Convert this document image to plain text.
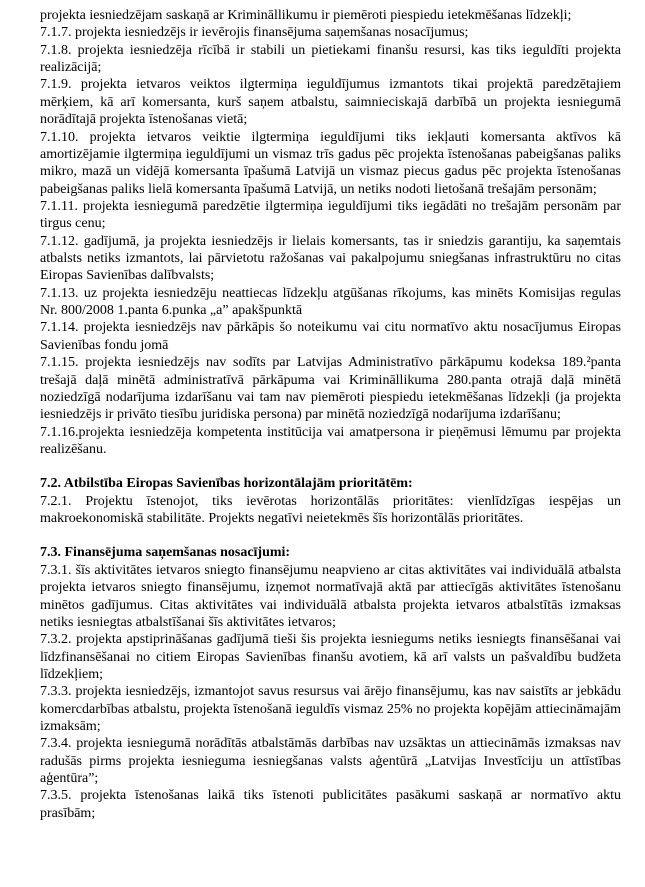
projekta iesniedzējam saskaņā ar Krimināllikumu ir piemēroti piespiedu ietekmēšanas līdzekļi;

7.1.7. projekta iesniedzējs ir ievērojis finansējuma saņemšanas nosacījumus;

7.1.8. projekta iesniedzēja rīcībā ir stabili un pietiekami finanšu resursi, kas tiks ieguldīti projekta realizācijā;

7.1.9. projekta ietvaros veiktos ilgtermiņa ieguldījumus izmantots tikai projektā paredzētajiem mērķiem, kā arī komersanta, kurš saņem atbalstu, saimnieciskajā darbībā un projekta iesniegumā norādītajā projekta īstenošanas vietā;

7.1.10. projekta ietvaros veiktie ilgtermiņa ieguldījumi tiks iekļauti komersanta aktīvos kā amortizējamie ilgtermiņa ieguldījumi un vismaz trīs gadus pēc projekta īstenošanas pabeigšanas paliks mikro, mazā un vidējā komersanta īpašumā Latvijā un vismaz piecus gadus pēc projekta īstenošanas pabeigšanas paliks lielā komersanta īpašumā Latvijā, un netiks nodoti lietošanā trešajām personām;

7.1.11. projekta iesniegumā paredzētie ilgtermiņa ieguldījumi tiks iegādāti no trešajām personām par tirgus cenu;

7.1.12. gadījumā, ja projekta iesniedzējs ir lielais komersants, tas ir sniedzis garantiju, ka saņemtais atbalsts netiks izmantots, lai pārvietotu ražošanas vai pakalpojumu sniegšanas infrastruktūru no citas Eiropas Savienības dalībvalsts;

7.1.13. uz projekta iesniedzēju neattiecas līdzekļu atgūšanas rīkojums, kas minēts Komisijas regulas Nr. 800/2008 1.panta 6.punka „a” apakšpunktā

7.1.14. projekta iesniedzējs nav pārkāpis šo noteikumu vai citu normatīvo aktu nosacījumus Eiropas Savienības fondu jomā

7.1.15. projekta iesniedzējs nav sodīts par Latvijas Administratīvo pārkāpumu kodeksa 189.²panta trešajā daļā minētā administratīvā pārkāpuma vai Krimināllikuma 280.panta otrajā daļā minētā noziedzīgā nodarījuma izdarīšanu vai tam nav piemēroti piespiedu ietekmēšanas līdzekļi (ja projekta iesniedzējs ir privāto tiesību juridiska persona) par minētā noziedzīgā nodarījuma izdarīšanu;

7.1.16.projekta iesniedzēja kompetenta institūcija vai amatpersona ir pieņēmusi lēmumu par projekta realizēšanu.

7.2. Atbilstība Eiropas Savienības horizontālajām prioritātēm:

7.2.1. Projektu īstenojot, tiks ievērotas horizontālās prioritātes: vienlīdzīgas iespējas un makroekonomiskā stabilitāte. Projekts negatīvi neietekmēs šīs horizontālās prioritātes.

7.3. Finansējuma saņemšanas nosacījumi:

7.3.1. šīs aktivitātes ietvaros sniegto finansējumu neapvieno ar citas aktivitātes vai individuālā atbalsta projekta ietvaros sniegto finansējumu, izņemot normatīvajā aktā par attiecīgās aktivitātes īstenošanu minētos gadījumus. Citas aktivitātes vai individuālā atbalsta projekta ietvaros atbalstītās izmaksas netiks iesniegtas atbalstīšanai šīs aktivitātes ietvaros;

7.3.2. projekta apstiprināšanas gadījumā tieši šis projekta iesniegums netiks iesniegts finansēšanai vai līdzfinansēšanai no citiem Eiropas Savienības finanšu avotiem, kā arī valsts un pašvaldību budžeta līdzekļiem;

7.3.3. projekta iesniedzējs, izmantojot savus resursus vai ārējo finansējumu, kas nav saistīts ar jebkādu komercdarbības atbalstu, projekta īstenošanā ieguldīs vismaz 25% no projekta kopējām attiecināmajām izmaksām;

7.3.4. projekta iesniegumā norādītās atbalstāmās darbības nav uzsāktas un attiecināmās izmaksas nav radušās pirms projekta iesnieguma iesniegšanas valsts aģentūrā „Latvijas Investīciju un attīstības aģentūra”;

7.3.5. projekta īstenošanas laikā tiks īstenoti publicitātes pasākumi saskaņā ar normatīvo aktu prasībām;
